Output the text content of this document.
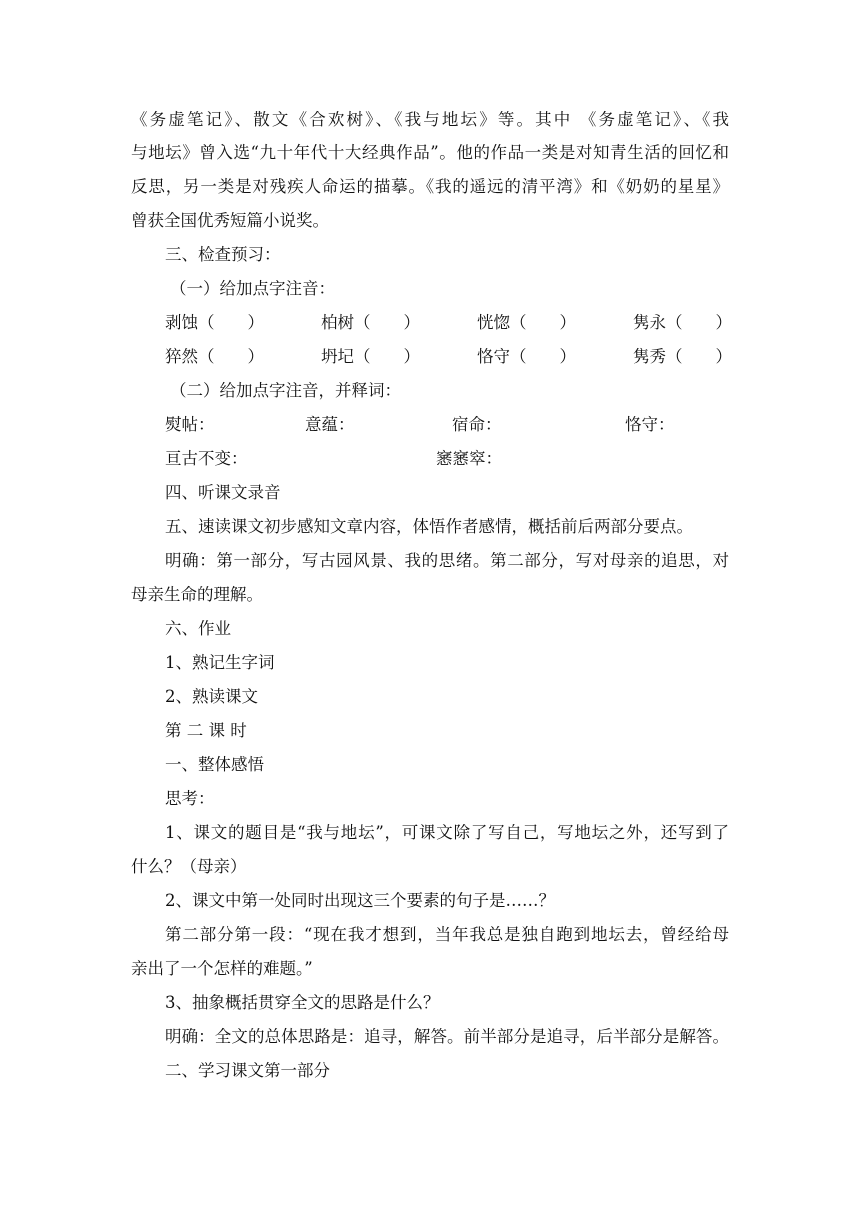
《务虚笔记》、散文《合欢树》、《我与地坛》等。其中 《务虚笔记》、《我
与地坛》曾入选“九十年代十大经典作品”。他的作品一类是对知青生活的回忆和
反思，另一类是对残疾人命运的描摹。《我的遥远的清平湾》和《奶奶的星星》
曾获全国优秀短篇小说奖。
三、检查预习：
（一）给加点字注音：
剥蚀（　　）	柏树（　　）	恍惚（　　）	隽永（　　）
猝然（　　）	坍圮（　　）	恪守（　　）	隽秀（　　）
（二）给加点字注音，并释词：
熨帖：	意蕴：	宿命：	恪守：
亘古不变：	窸窸窣：
四、听课文录音
五、速读课文初步感知文章内容，体悟作者感情，概括前后两部分要点。
明确：第一部分，写古园风景、我的思绪。第二部分，写对母亲的追思，对
母亲生命的理解。
六、作业
1、熟记生字词
2、熟读课文
第 二 课 时
一、整体感悟
思考：
1、课文的题目是“我与地坛”，可课文除了写自己，写地坛之外，还写到了
什么？（母亲）
2、课文中第一处同时出现这三个要素的句子是……？
第二部分第一段：“现在我才想到，当年我总是独自跑到地坛去，曾经给母
亲出了一个怎样的难题。”
3、抽象概括贯穿全文的思路是什么？
明确：全文的总体思路是：追寻，解答。前半部分是追寻，后半部分是解答。
二、学习课文第一部分
